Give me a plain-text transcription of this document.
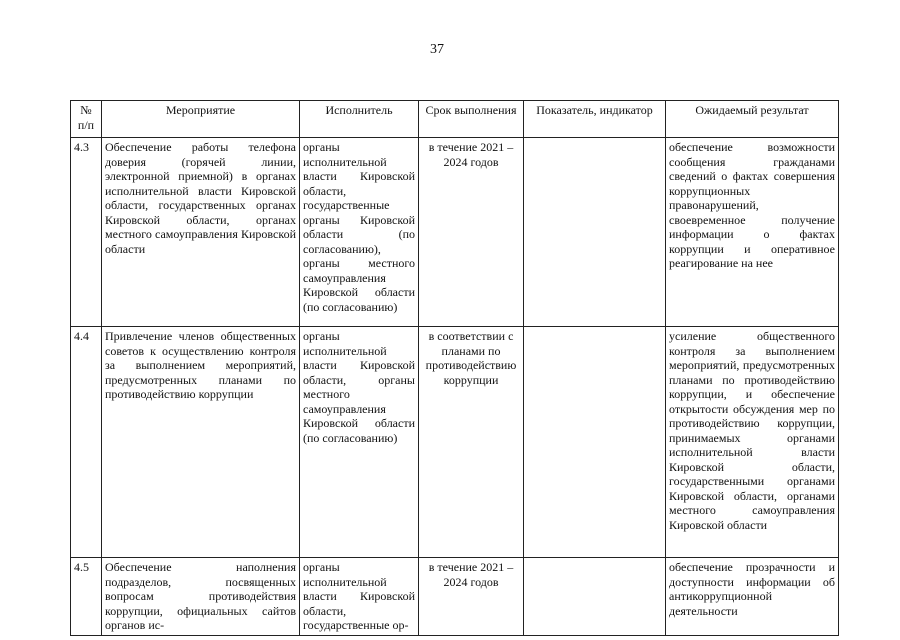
37
№ п/п	Мероприятие	Исполнитель	Срок выполнения	Показатель, индикатор	Ожидаемый результат
4.3	Обеспечение работы телефона доверия (горячей линии, электронной приемной) в органах исполнительной власти Кировской области, государственных органах Кировской области, органах местного самоуправления Кировской области	органы исполнительной власти Кировской области, государственные органы Кировской области (по согласованию), органы местного самоуправления Кировской области (по согласованию)	в течение 2021 – 2024 годов		обеспечение возможности сообщения гражданами сведений о фактах совершения коррупционных правонарушений, своевременное получение информации о фактах коррупции и оперативное реагирование на нее
4.4	Привлечение членов общественных советов к осуществлению контроля за выполнением мероприятий, предусмотренных планами по противодействию коррупции	органы исполнительной власти Кировской области, органы местного самоуправления Кировской области (по согласованию)	в соответствии с планами по противодействию коррупции		усиление общественного контроля за выполнением мероприятий, предусмотренных планами по противодействию коррупции, и обеспечение открытости обсуждения мер по противодействию коррупции, принимаемых органами исполнительной власти Кировской области, государственными органами Кировской области, органами местного самоуправления Кировской области
4.5	Обеспечение наполнения подразделов, посвященных вопросам противодействия коррупции, официальных сайтов органов ис-	органы исполнительной власти Кировской области, государственные ор-	в течение 2021 – 2024 годов		обеспечение прозрачности и доступности информации об антикоррупционной деятельности
